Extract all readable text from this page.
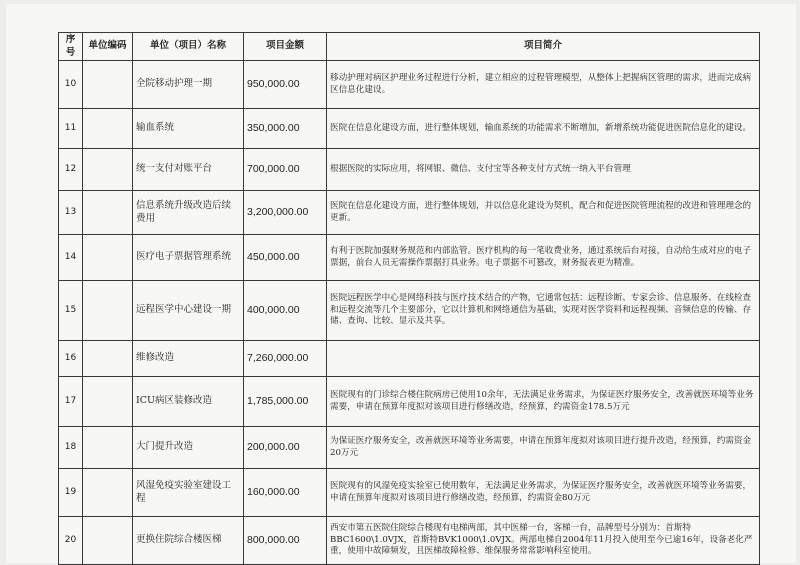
序号	单位编码	单位（项目）名称	项目金额	项目简介
10		全院移动护理一期	950,000.00	移动护理对病区护理业务过程进行分析，建立相应的过程管理模型，从整体上把握病区管理的需求，进而完成病区信息化建设。
11		输血系统	350,000.00	医院在信息化建设方面，进行整体规划，输血系统的功能需求不断增加，新增系统功能促进医院信息化的建设。
12		统一支付对账平台	700,000.00	根据医院的实际应用，将网银、微信、支付宝等各种支付方式统一纳入平台管理
13		信息系统升级改造后续费用	3,200,000.00	医院在信息化建设方面，进行整体规划，并以信息化建设为契机，配合和促进医院管理流程的改进和管理理念的更新。
14		医疗电子票据管理系统	450,000.00	有利于医院加强财务规范和内部监管。医疗机构的每一笔收费业务，通过系统后台对接，自动给生成对应的电子票据，前台人员无需操作票据打具业务。电子票据不可篡改，财务报表更为精准。
15		远程医学中心建设一期	400,000.00	医院远程医学中心是网络科技与医疗技术结合的产物，它通常包括：远程诊断、专家会诊、信息服务、在线检查和远程交流等几个主要部分，它以计算机和网络通信为基础，实现对医学资料和远程视频、音频信息的传输、存储、查询、比较、显示及共享。
16		维修改造	7,260,000.00	
17		ICU病区装修改造	1,785,000.00	医院现有的门诊综合楼住院病房已使用10余年，无法满足业务需求，为保证医疗服务安全，改善就医环境等业务需要，申请在预算年度拟对该项目进行修缮改造，经预算，约需资金178.5万元
18		大门提升改造	200,000.00	为保证医疗服务安全，改善就医环境等业务需要，申请在预算年度拟对该项目进行提升改造，经预算，约需资金20万元
19		风湿免疫实验室建设工程	160,000.00	医院现有的风湿免疫实验室已使用数年，无法满足业务需求，为保证医疗服务安全，改善就医环境等业务需要，申请在预算年度拟对该项目进行修缮改造，经预算，约需资金80万元
20		更换住院综合楼医梯	800,000.00	西安市第五医院住院综合楼现有电梯两部，其中医梯一台，客梯一台，品牌型号分别为：首斯特BBC1600\1.0VJX，首斯特BVK1000\1.0VJX。两部电梯自2004年11月投入使用至今已逾16年，设备老化严重，使用中故障频发，且医梯故障检修、维保服务常常影响科室使用。
